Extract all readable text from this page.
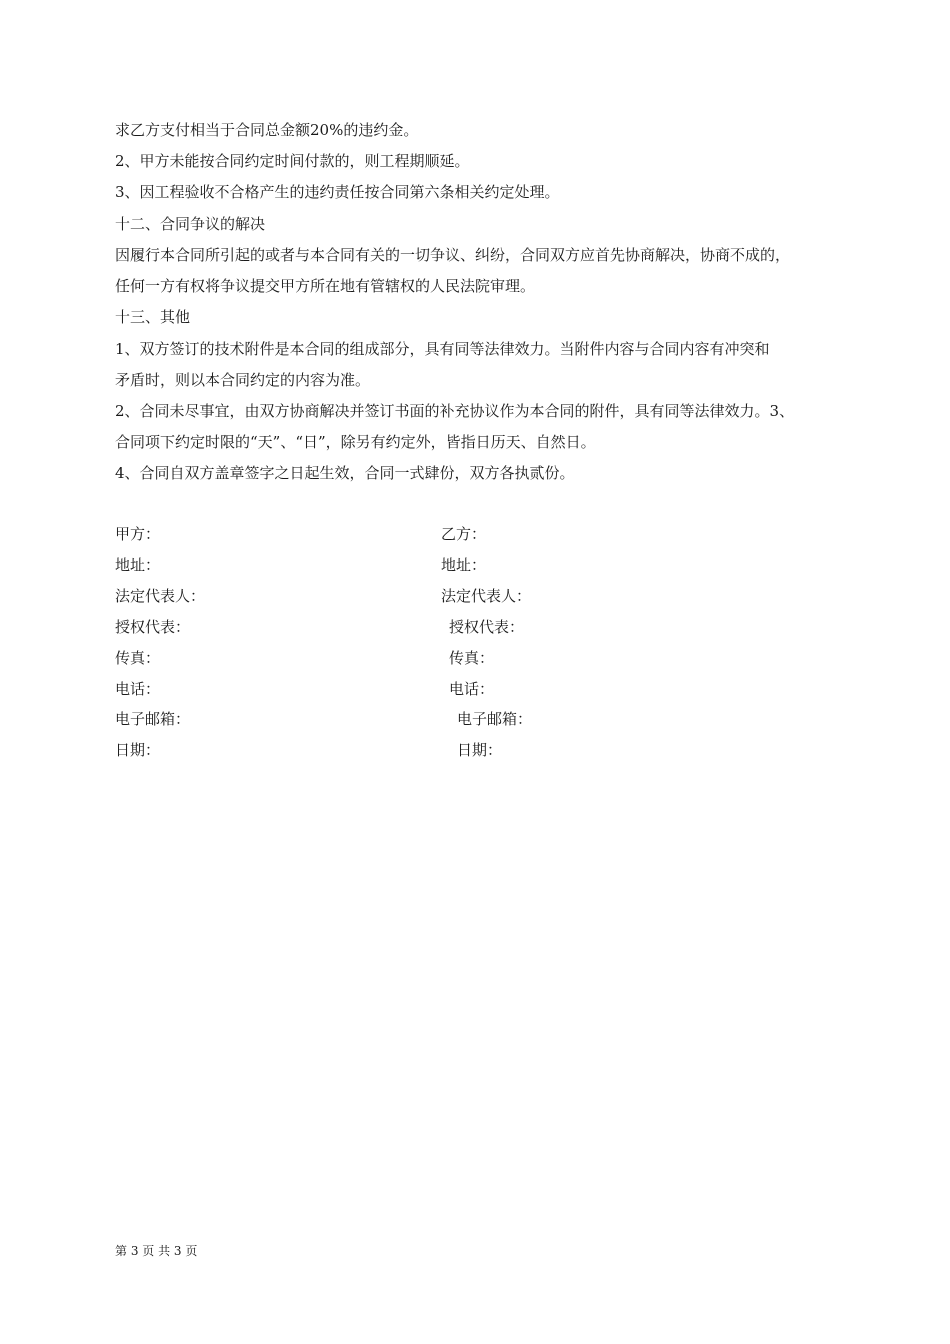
求乙方支付相当于合同总金额20%的违约金。
2、甲方未能按合同约定时间付款的，则工程期顺延。
3、因工程验收不合格产生的违约责任按合同第六条相关约定处理。
十二、合同争议的解决
因履行本合同所引起的或者与本合同有关的一切争议、纠纷，合同双方应首先协商解决，协商不成的，
任何一方有权将争议提交甲方所在地有管辖权的人民法院审理。
十三、其他
1、双方签订的技术附件是本合同的组成部分，具有同等法律效力。当附件内容与合同内容有冲突和
矛盾时，则以本合同约定的内容为准。
2、合同未尽事宜，由双方协商解决并签订书面的补充协议作为本合同的附件，具有同等法律效力。3、
合同项下约定时限的“天”、“日”，除另有约定外，皆指日历天、自然日。
4、合同自双方盖章签字之日起生效，合同一式肆份，双方各执贰份。
甲方：
地址：
法定代表人：
授权代表：
传真：
电话：
电子邮箱：
日期：
乙方：
地址：
法定代表人：
授权代表：
传真：
电话：
电子邮箱：
日期：
第 3 页 共 3 页
